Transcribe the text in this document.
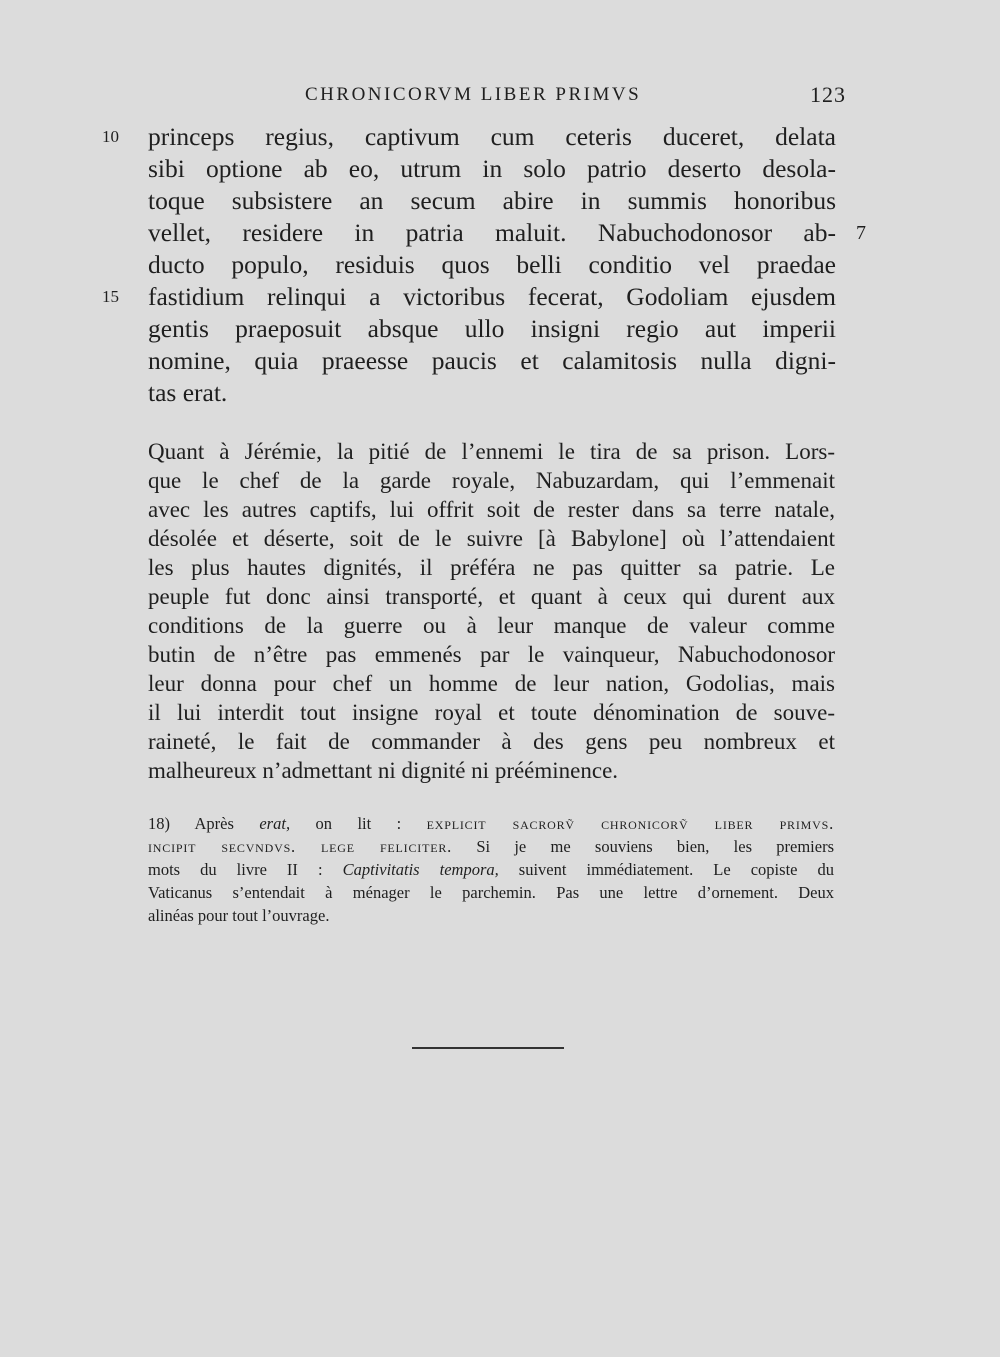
CHRONICORVM LIBER PRIMVS	123
10
15
7
princeps regius, captivum cum ceteris duceret, delata
sibi optione ab eo, utrum in solo patrio deserto desola-
toque subsistere an secum abire in summis honoribus
vellet, residere in patria maluit. Nabuchodonosor ab-
ducto populo, residuis quos belli conditio vel praedae
fastidium relinqui a victoribus fecerat, Godoliam ejusdem
gentis praeposuit absque ullo insigni regio aut imperii
nomine, quia praeesse paucis et calamitosis nulla digni-
tas erat.
Quant à Jérémie, la pitié de l’ennemi le tira de sa prison. Lors-
que le chef de la garde royale, Nabuzardam, qui l’emmenait
avec les autres captifs, lui offrit soit de rester dans sa terre natale,
désolée et déserte, soit de le suivre [à Babylone] où l’attendaient
les plus hautes dignités, il préféra ne pas quitter sa patrie. Le
peuple fut donc ainsi transporté, et quant à ceux qui durent aux
conditions de la guerre ou à leur manque de valeur comme
butin de n’être pas emmenés par le vainqueur, Nabuchodonosor
leur donna pour chef un homme de leur nation, Godolias, mais
il lui interdit tout insigne royal et toute dénomination de souve-
raineté, le fait de commander à des gens peu nombreux et
malheureux n’admettant ni dignité ni prééminence.
18) Après erat, on lit : explicit sacrorṽ chronicorṽ liber primvs.
incipit secvndvs. lege feliciter. Si je me souviens bien, les premiers
mots du livre II : Captivitatis tempora, suivent immédiatement. Le copiste du
Vaticanus s’entendait à ménager le parchemin. Pas une lettre d’ornement. Deux
alinéas pour tout l’ouvrage.
